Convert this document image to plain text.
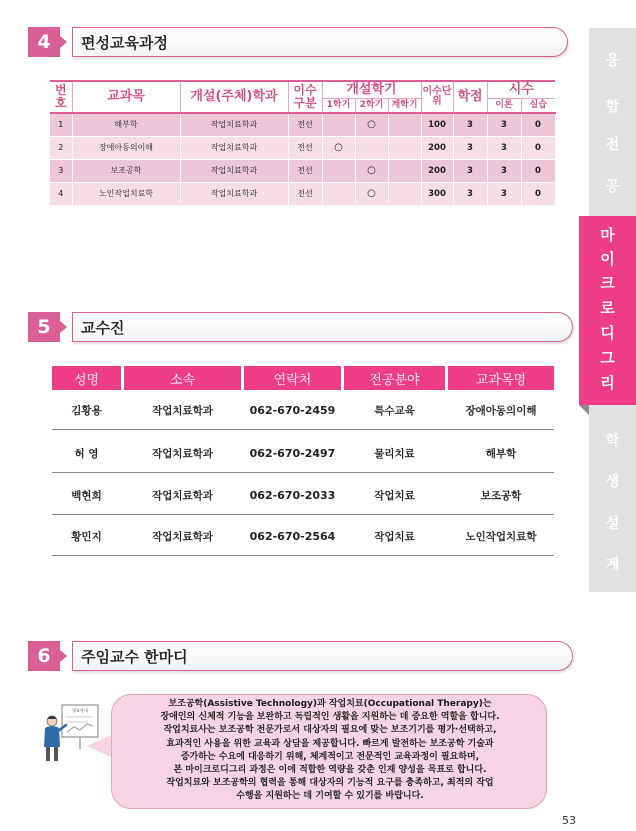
융
합
전
공
마
이
크
로
디
그
리
학
생
설
계
4	편성교육과정
번호	교과목	개설(주체)학과	이수구분	개설학기			이수단위	학점	시수	
				1학기	2학기	계학기			이론	실습
1	해부학	작업치료학과	전선		○		100	3	3	0
2	장애아동의이해	작업치료학과	전선	○			200	3	3	0
3	보조공학	작업치료학과	전선		○		200	3	3	0
4	노인작업치료학	작업치료학과	전선		○		300	3	3	0
5	교수진
성명	소속	연락처	전공분야	교과목명
김황용	작업치료학과	062-670-2459	특수교육	장애아동의이해
허 영	작업치료학과	062-670-2497	물리치료	해부학
백현희	작업치료학과	062-670-2033	작업치료	보조공학
황민지	작업치료학과	062-670-2564	작업치료	노인작업치료학
6	주임교수 한마디
발표안내
보조공학(Assistive Technology)과 작업치료(Occupational Therapy)는
장애인의 신체적 기능을 보완하고 독립적인 생활을 지원하는 데 중요한 역할을 합니다.
작업치료사는 보조공학 전문가로서 대상자의 필요에 맞는 보조기기를 평가·선택하고,
효과적인 사용을 위한 교육과 상담을 제공합니다. 빠르게 발전하는 보조공학 기술과
증가하는 수요에 대응하기 위해, 체계적이고 전문적인 교육과정이 필요하며,
본 마이크로디그리 과정은 이에 적합한 역량을 갖춘 인재 양성을 목표로 합니다.
작업치료와 보조공학의 협력을 통해 대상자의 기능적 요구를 충족하고, 최적의 작업
수행을 지원하는 데 기여할 수 있기를 바랍니다.
53
